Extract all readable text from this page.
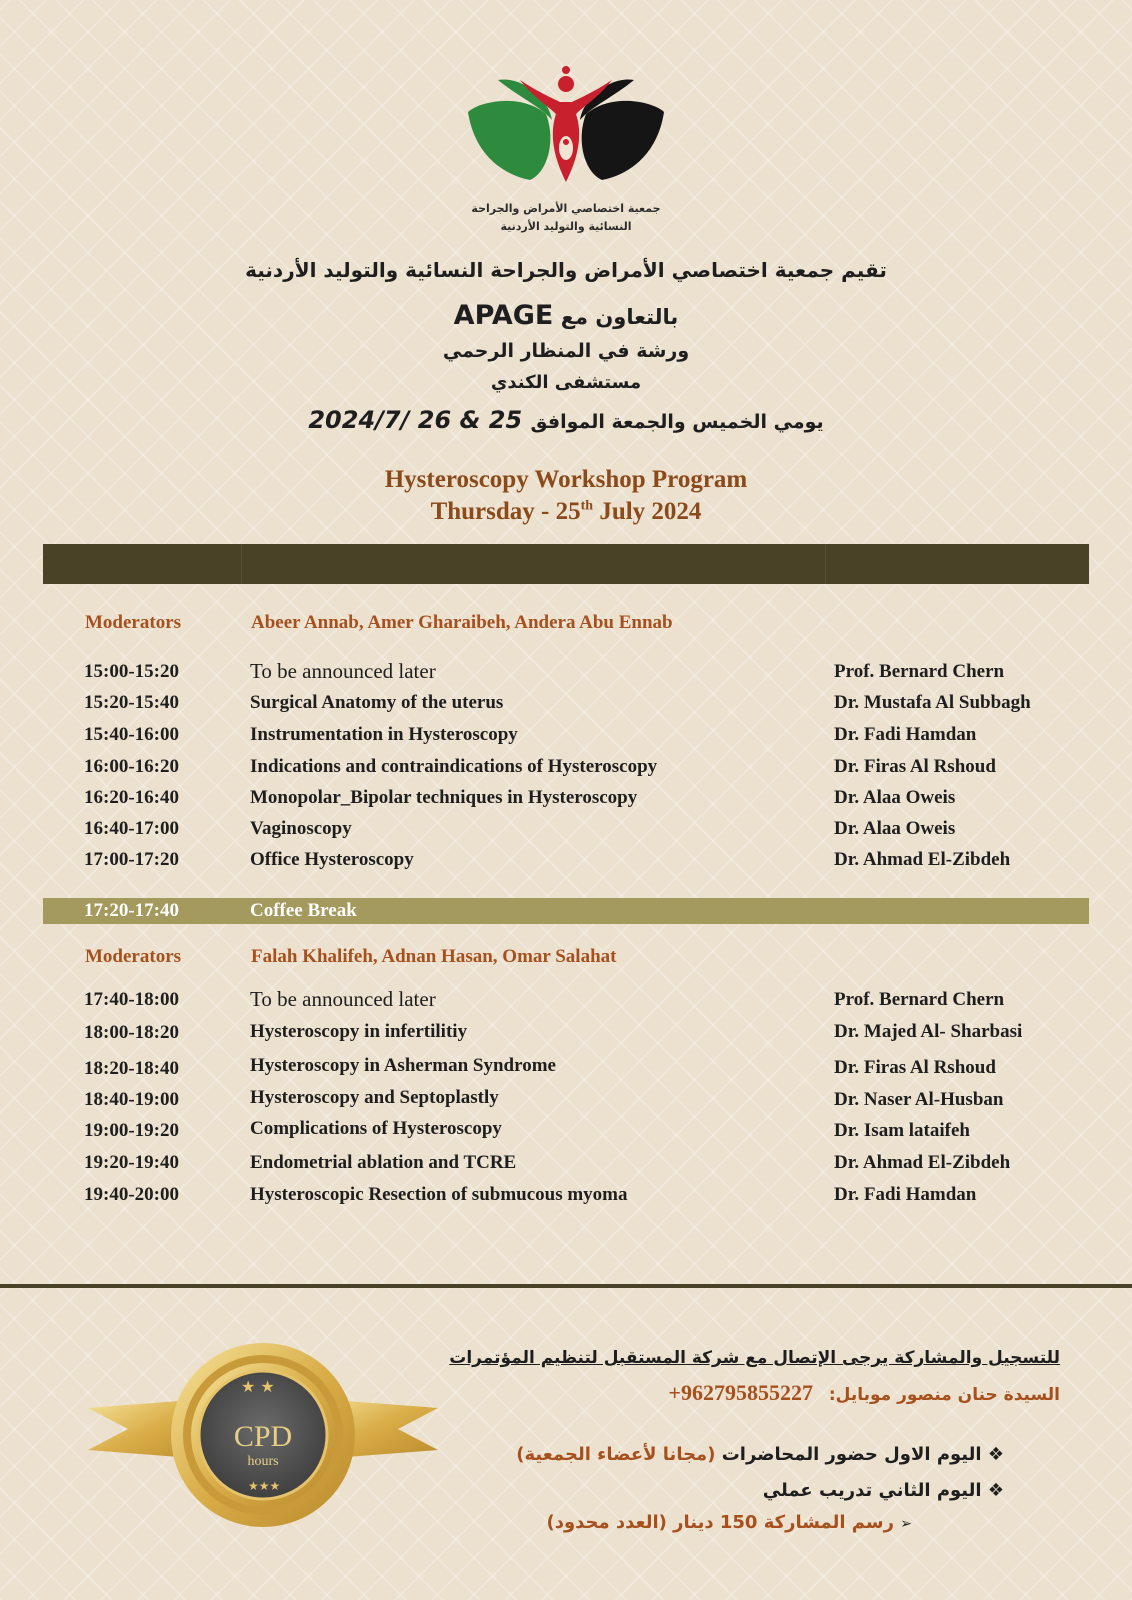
جمعية اختصاصي الأمراض والجراحة
النسائية والتوليد الأردنية
تقيم جمعية اختصاصي الأمراض والجراحة النسائية والتوليد الأردنية
بالتعاون مع APAGE
ورشة في المنظار الرحمي
مستشفى الكندي
يومي الخميس والجمعة الموافق 2024/7/ 26 & 25
Hysteroscopy Workshop Program
Thursday - 25th July 2024
Moderators	Abeer Annab, Amer Gharaibeh, Andera Abu Ennab
15:00-15:20	To be announced later	Prof. Bernard Chern
15:20-15:40	Surgical Anatomy of the uterus	Dr. Mustafa Al Subbagh
15:40-16:00	Instrumentation in Hysteroscopy	Dr. Fadi Hamdan
16:00-16:20	Indications and contraindications of Hysteroscopy	Dr. Firas Al Rshoud
16:20-16:40	Monopolar_Bipolar techniques in Hysteroscopy	Dr. Alaa Oweis
16:40-17:00	Vaginoscopy	Dr. Alaa Oweis
17:00-17:20	Office Hysteroscopy	Dr. Ahmad El-Zibdeh
17:20-17:40	Coffee Break
Moderators	Falah Khalifeh, Adnan Hasan, Omar Salahat
17:40-18:00	To be announced later	Prof. Bernard Chern
18:00-18:20	Hysteroscopy in infertilitiy	Dr. Majed Al- Sharbasi
18:20-18:40	Hysteroscopy in Asherman Syndrome	Dr. Firas Al Rshoud
18:40-19:00	Hysteroscopy and Septoplastly	Dr. Naser Al-Husban
19:00-19:20	Complications of Hysteroscopy	Dr. Isam lataifeh
19:20-19:40	Endometrial ablation and TCRE	Dr. Ahmad El-Zibdeh
19:40-20:00	Hysteroscopic Resection of submucous myoma	Dr. Fadi Hamdan
★ ★
★★★
CPD
hours
للتسجيل والمشاركة يرجى الإتصال مع شركة المستقبل لتنظيم المؤتمرات
السيدة حنان منصور موبايل: +962795855227
❖ اليوم الاول حضور المحاضرات (مجانا لأعضاء الجمعية)
❖ اليوم الثاني تدريب عملي
➢ رسم المشاركة 150 دينار (العدد محدود)
